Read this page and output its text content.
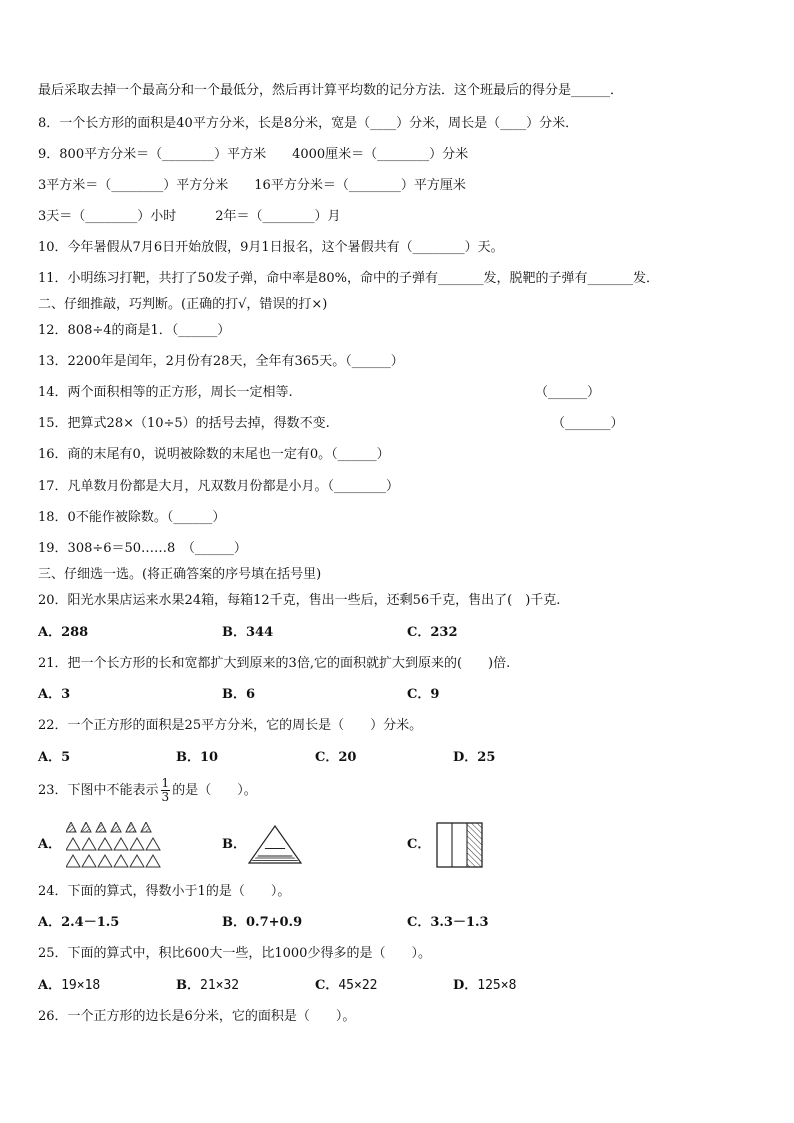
最后采取去掉一个最高分和一个最低分，然后再计算平均数的记分方法．这个班最后的得分是______．
8．一个长方形的面积是40平方分米，长是8分米，宽是（____）分米，周长是（____）分米．
9．800平方分米＝（________）平方米　　4000厘米＝（________）分米
3平方米＝（________）平方分米　　16平方分米＝（________）平方厘米
3天＝（________）小时　　　2年＝（________）月
10．今年暑假从7月6日开始放假，9月1日报名，这个暑假共有（________）天。
11．小明练习打靶，共打了50发子弹，命中率是80%，命中的子弹有_______发，脱靶的子弹有_______发．
二、仔细推敲，巧判断。(正确的打√，错误的打×)
12．808÷4的商是1．（______）
13．2200年是闰年，2月份有28天，全年有365天。（______）
14．两个面积相等的正方形，周长一定相等.	（______）
15．把算式28×（10÷5）的括号去掉，得数不变.	（_______）
16．商的末尾有0，说明被除数的末尾也一定有0。（______）
17．凡单数月份都是大月，凡双数月份都是小月。（________）
18．0不能作被除数。（______）
19．308÷6＝50……8　（______）
三、仔细选一选。(将正确答案的序号填在括号里)
20．阳光水果店运来水果24箱，每箱12千克，售出一些后，还剩56千克，售出了(　)千克.
A．288	B．344	C．232
21．把一个长方形的长和宽都扩大到原来的3倍,它的面积就扩大到原来的(　　)倍.
A．3	B．6	C．9
22．一个正方形的面积是25平方分米，它的周长是（　　）分米。
A．5	B．10	C．20	D．25
23．下图中不能表示 $\frac{1}{3}$ 的是（　　）。
A．	B．	C．
24．下面的算式，得数小于1的是（　　）。
A．2.4－1.5	B．0.7+0.9	C．3.3－1.3
25．下面的算式中，积比600大一些，比1000少得多的是（　　）。
A．19×18	B．21×32	C．45×22	D．125×8
26．一个正方形的边长是6分米，它的面积是（　　）。
